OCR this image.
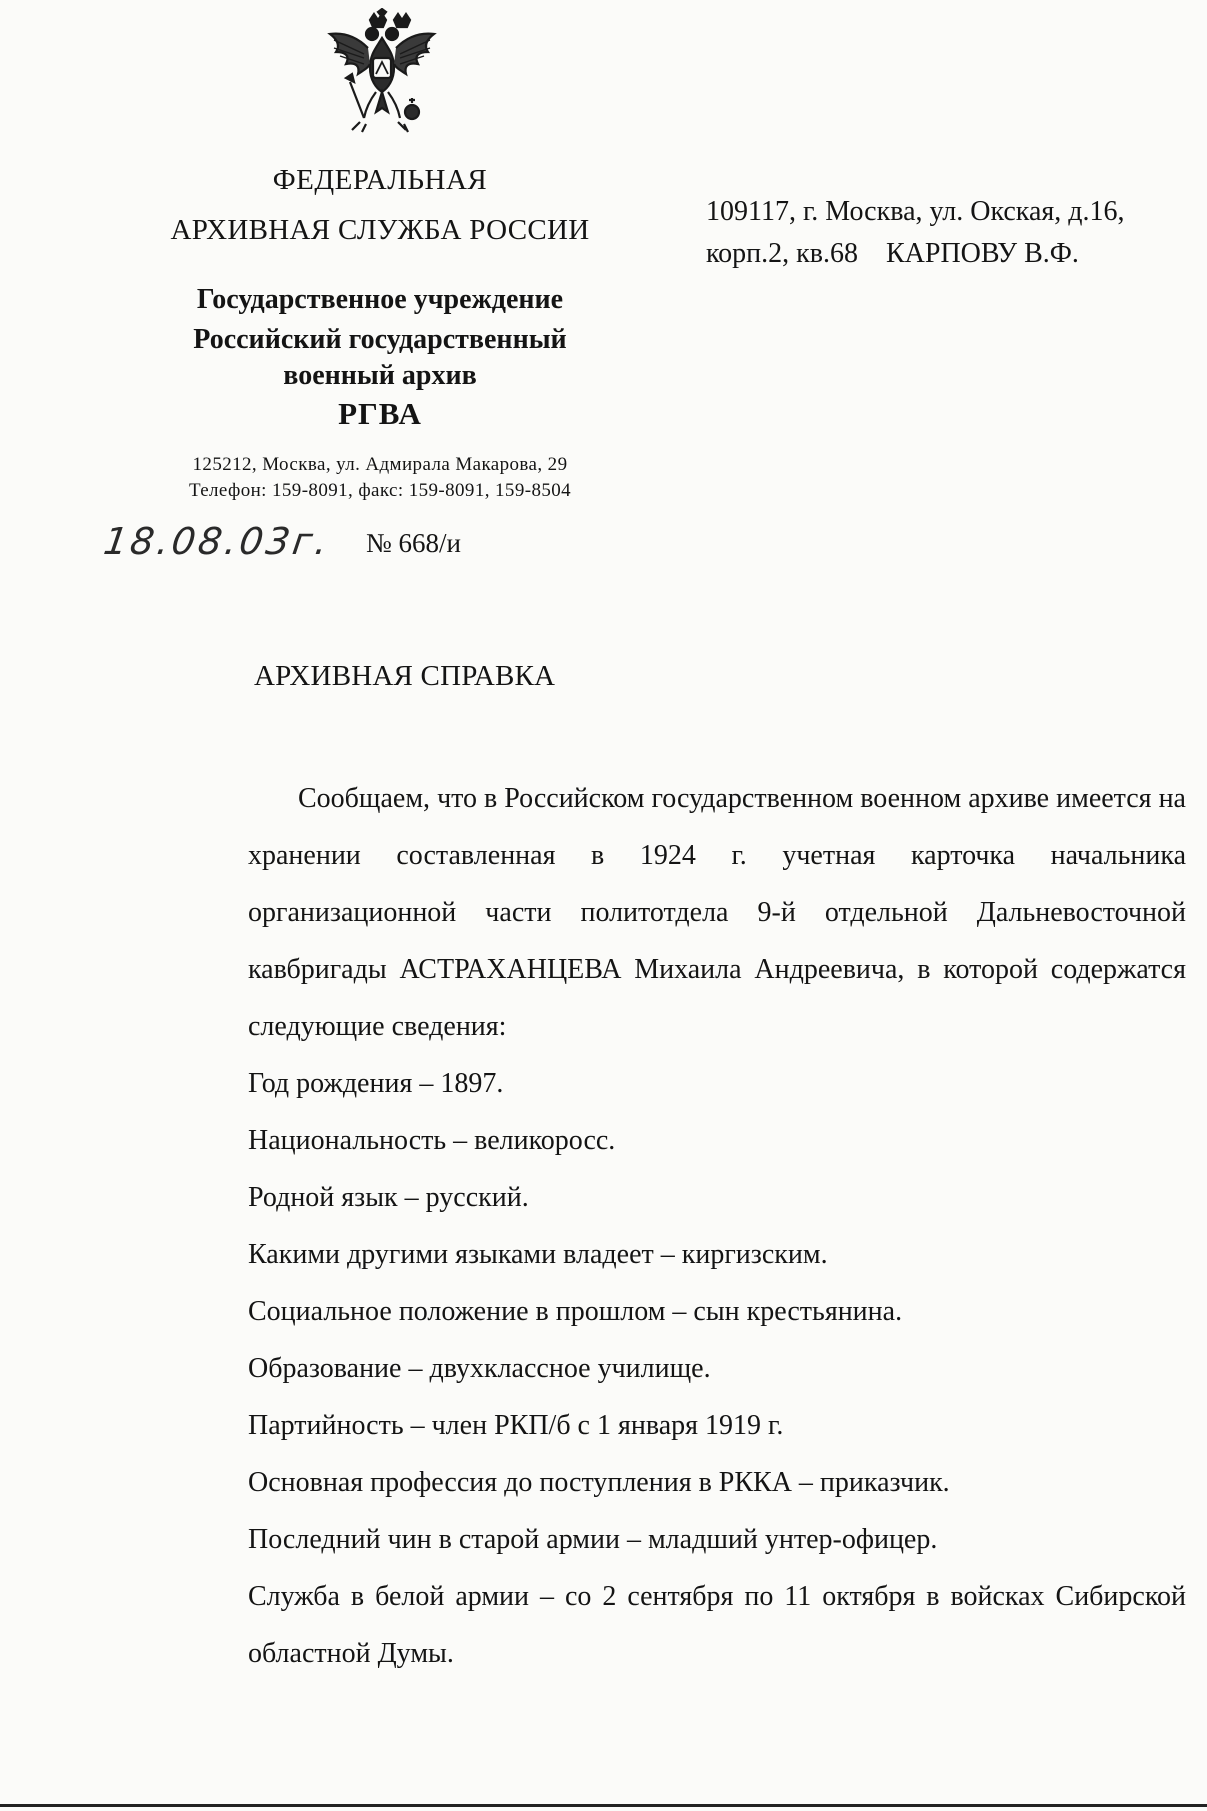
ФЕДЕРАЛЬНАЯ
АРХИВНАЯ СЛУЖБА РОССИИ
Государственное учреждение
Российский государственный
военный архив
РГВА
125212, Москва, ул. Адмирала Макарова, 29
Телефон: 159-8091, факс: 159-8091, 159-8504
18.08.03г. № 668/и
109117, г. Москва, ул. Окская, д.16,
корп.2, кв.68    КАРПОВУ В.Ф.
АРХИВНАЯ СПРАВКА
Сообщаем, что в Российском государственном военном архиве имеется на хранении составленная в 1924 г. учетная карточка начальника организационной части политотдела 9-й отдельной Дальневосточной кавбригады АСТРАХАНЦЕВА Михаила Андреевича, в которой содержатся следующие сведения:
Год рождения – 1897.
Национальность – великоросс.
Родной язык – русский.
Какими другими языками владеет – киргизским.
Социальное положение в прошлом – сын крестьянина.
Образование – двухклассное училище.
Партийность – член РКП/б с 1 января 1919 г.
Основная профессия до поступления в РККА – приказчик.
Последний чин в старой армии – младший унтер-офицер.
Служба в белой армии – со 2 сентября по 11 октября в войсках Сибирской областной Думы.
